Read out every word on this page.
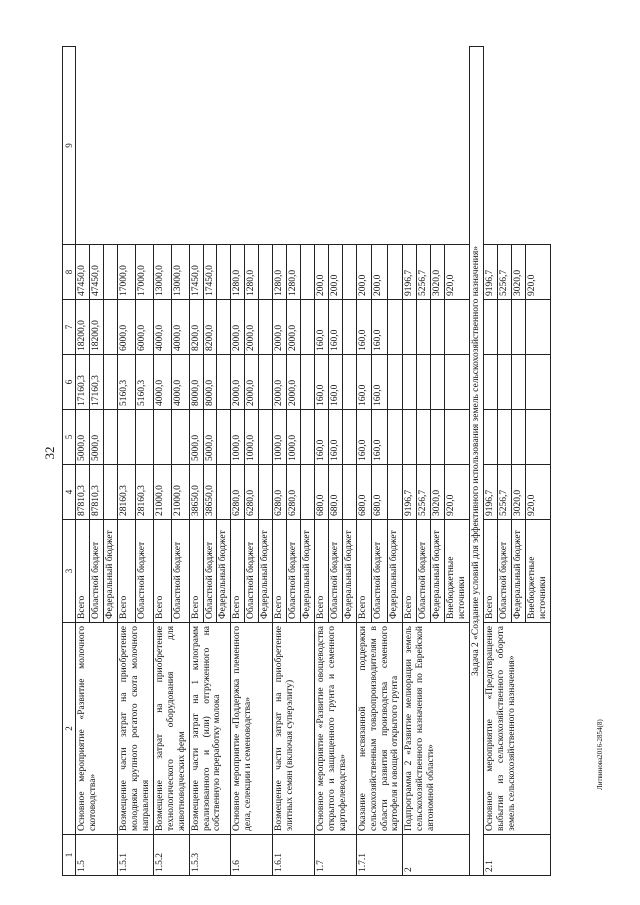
32
Литвинова2016-2854(8)
1	2	3	4	5	6	7	8	9
1.5	Основное мероприятие «Развитие молочного скотоводства»	Всего	87810,3	5000,0	17160,3	18200,0	47450,0	
		Областной бюджет	87810,3	5000,0	17160,3	18200,0	47450,0	
		Федеральный бюджет						
1.5.1	Возмещение части затрат на приобретение молодняка крупного рогатого скота молочного направления	Всего	28160,3		5160,3	6000,0	17000,0	
		Областной бюджет	28160,3		5160,3	6000,0	17000,0	
1.5.2	Возмещение затрат на приобретение технологического оборудования для животноводческих ферм	Всего	21000,0		4000,0	4000,0	13000,0	
		Областной бюджет	21000,0		4000,0	4000,0	13000,0	
1.5.3	Возмещение части затрат на 1 килограмм реализованного и (или) отгруженного на собственную переработку молока	Всего	38650,0	5000,0	8000,0	8200,0	17450,0	
		Областной бюджет	38650,0	5000,0	8000,0	8200,0	17450,0	
		Федеральный бюджет						
1.6	Основное мероприятие «Поддержка племенного дела, селекции и семеноводства»	Всего	6280,0	1000,0	2000,0	2000,0	1280,0	
		Областной бюджет	6280,0	1000,0	2000,0	2000,0	1280,0	
		Федеральный бюджет						
1.6.1	Возмещение части затрат на приобретение элитных семян (включая суперэлиту)	Всего	6280,0	1000,0	2000,0	2000,0	1280,0	
		Областной бюджет	6280,0	1000,0	2000,0	2000,0	1280,0	
		Федеральный бюджет						
1.7	Основное мероприятие «Развитие овощеводства открытого и защищенного грунта и семенного картофелеводства»	Всего	680,0	160,0	160,0	160,0	200,0	
		Областной бюджет	680,0	160,0	160,0	160,0	200,0	
		Федеральный бюджет						
1.7.1	Оказание несвязанной поддержки сельскохозяйственным товаропроизводителям в области развития производства семенного картофеля и овощей открытого грунта	Всего	680,0	160,0	160,0	160,0	200,0	
		Областной бюджет	680,0	160,0	160,0	160,0	200,0	
		Федеральный бюджет						
2	Подпрограмма 2 «Развитие мелиорации земель сельскохозяйственного назначения по Еврейской автономной области»	Всего	9196,7				9196,7	
		Областной бюджет	5256,7				5256,7	
		Федеральный бюджет	3020,0				3020,0	
		Внебюджетные источники	920,0				920,0	
Задача 2 «Создание условий для эффективного использования земель сельскохозяйственного назначения»								
2.1	Основное мероприятие «Предотвращение выбытия из сельскохозяйственного оборота земель сельскохозяйственного назначения»	Всего	9196,7				9196,7	
		Областной бюджет	5256,7				5256,7	
		Федеральный бюджет	3020,0				3020,0	
		Внебюджетные источники	920,0				920,0	
